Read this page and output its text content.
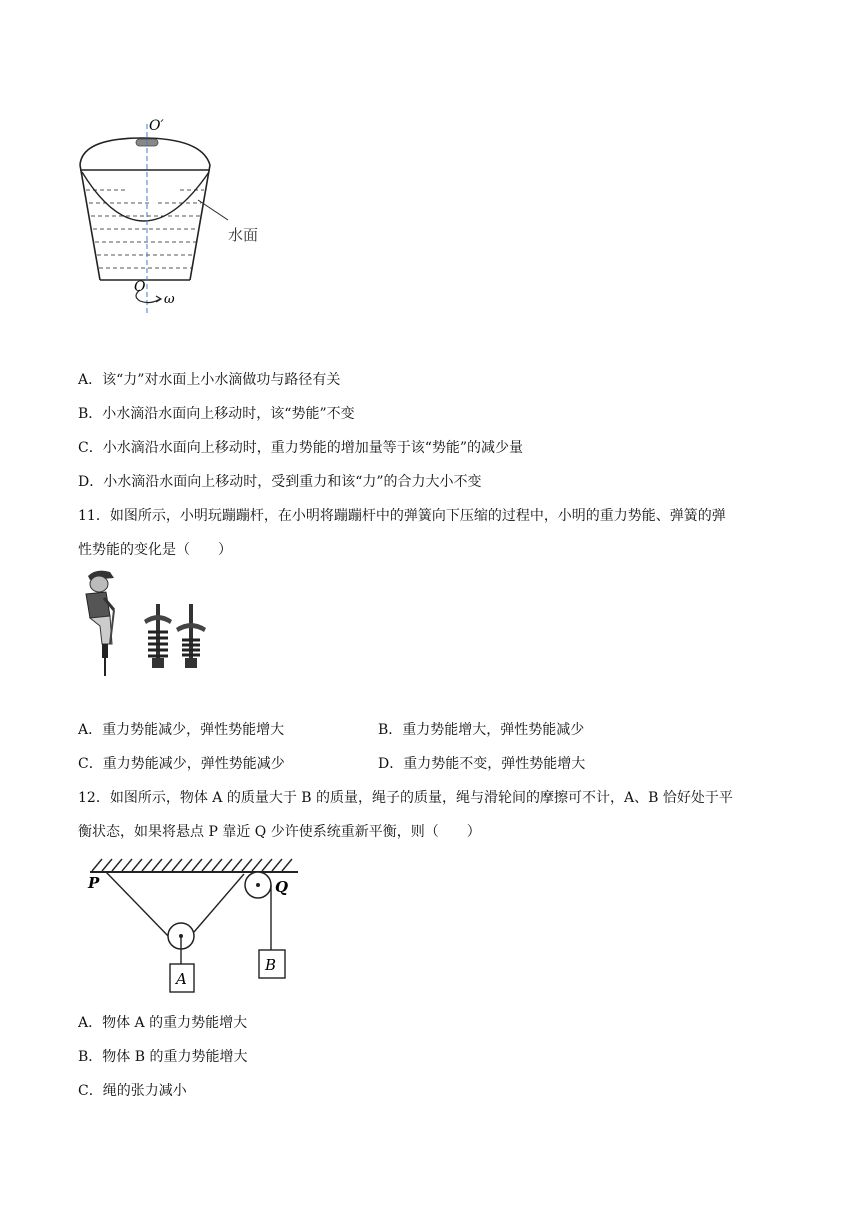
O′
O
ω
水面
A．该“力”对水面上小水滴做功与路径有关
B．小水滴沿水面向上移动时，该“势能”不变
C．小水滴沿水面向上移动时，重力势能的增加量等于该“势能”的减少量
D．小水滴沿水面向上移动时，受到重力和该“力”的合力大小不变
11．如图所示，小明玩蹦蹦杆，在小明将蹦蹦杆中的弹簧向下压缩的过程中，小明的重力势能、弹簧的弹
性势能的变化是（　　）
A．重力势能减少，弹性势能增大	B．重力势能增大，弹性势能减少
C．重力势能减少，弹性势能减少	D．重力势能不变，弹性势能增大
12．如图所示，物体 A 的质量大于 B 的质量，绳子的质量，绳与滑轮间的摩擦可不计，A、B 恰好处于平
衡状态，如果将悬点 P 靠近 Q 少许使系统重新平衡，则（　　）
P	Q
A
B
A．物体 A 的重力势能增大
B．物体 B 的重力势能增大
C．绳的张力减小
